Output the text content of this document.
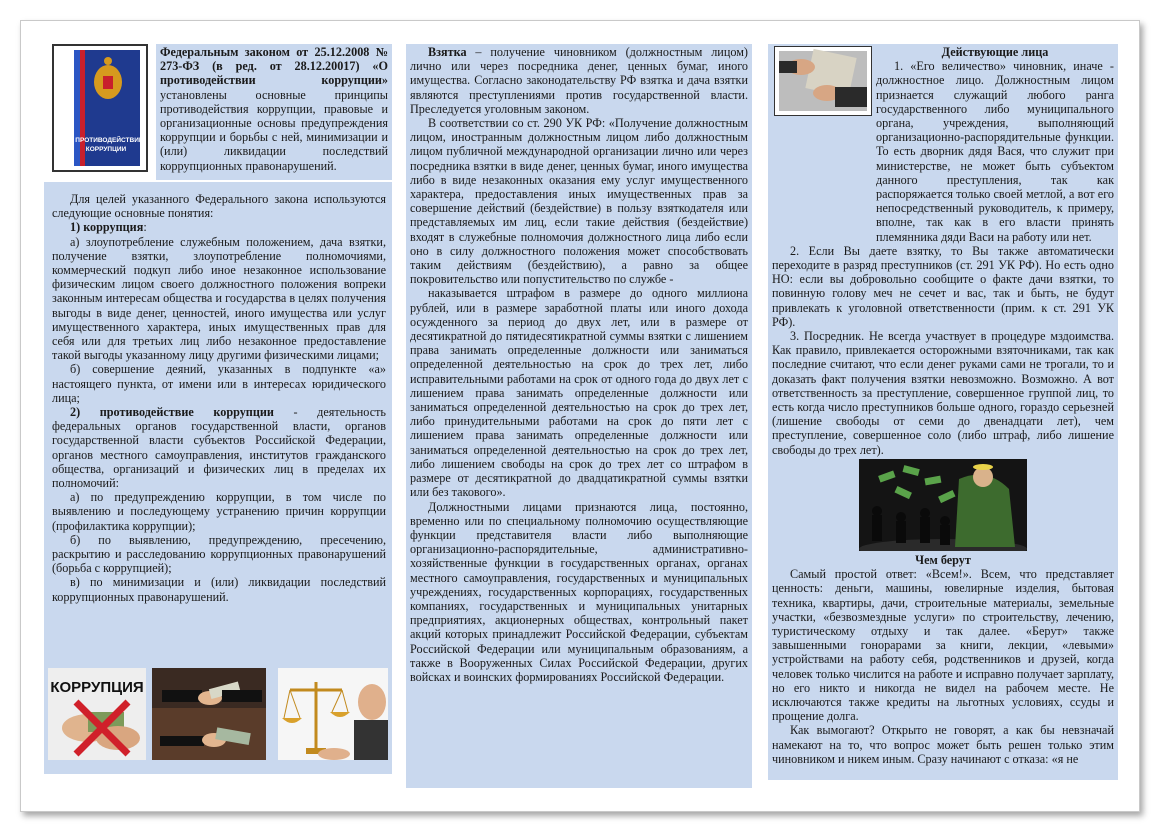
О ПРОТИВОДЕЙСТВИИ
КОРРУПЦИИ

Федеральным законом от 25.12.2008 № 273-ФЗ (в ред. от 28.12.20017) «О противодействии коррупции» установлены основные принципы противодействия коррупции, правовые и организационные основы предупреждения коррупции и борьбы с ней, минимизации и (или) ликвидации последствий коррупционных правонарушений.

Для целей указанного Федерального закона используются следующие основные понятия:

1) коррупция:

а) злоупотребление служебным положением, дача взятки, получение взятки, злоупотребление полномочиями, коммерческий подкуп либо иное незаконное использование физическим лицом своего должностного положения вопреки законным интересам общества и государства в целях получения выгоды в виде денег, ценностей, иного имущества или услуг имущественного характера, иных имущественных прав для себя или для третьих лиц либо незаконное предоставление такой выгоды указанному лицу другими физическими лицами;

б) совершение деяний, указанных в подпункте «а» настоящего пункта, от имени или в интересах юридического лица;

2) противодействие коррупции - деятельность федеральных органов государственной власти, органов государственной власти субъектов Российской Федерации, органов местного самоуправления, институтов гражданского общества, организаций и физических лиц в пределах их полномочий:

а) по предупреждению коррупции, в том числе по выявлению и последующему устранению причин коррупции (профилактика коррупции);

б) по выявлению, предупреждению, пресечению, раскрытию и расследованию коррупционных правонарушений (борьба с коррупцией);

в) по минимизации и (или) ликвидации последствий коррупционных правонарушений.

КОРРУПЦИЯ

Взятка – получение чиновником (должностным лицом) лично или через посредника денег, ценных бумаг, иного имущества. Согласно законодательству РФ взятка и дача взятки являются преступлениями против государственной власти. Преследуется уголовным законом.

В соответствии со ст. 290 УК РФ: «Получение должностным лицом, иностранным должностным лицом либо должностным лицом публичной международной организации лично или через посредника взятки в виде денег, ценных бумаг, иного имущества либо в виде незаконных оказания ему услуг имущественного характера, предоставления иных имущественных прав за совершение действий (бездействие) в пользу взяткодателя или представляемых им лиц, если такие действия (бездействие) входят в служебные полномочия должностного лица либо если оно в силу должностного положения может способствовать таким действиям (бездействию), а равно за общее покровительство или попустительство по службе -

наказывается штрафом в размере до одного миллиона рублей, или в размере заработной платы или иного дохода осужденного за период до двух лет, или в размере от десятикратной до пятидесятикратной суммы взятки с лишением права занимать определенные должности или заниматься определенной деятельностью на срок до трех лет, либо исправительными работами на срок от одного года до двух лет с лишением права занимать определенные должности или заниматься определенной деятельностью на срок до трех лет, либо принудительными работами на срок до пяти лет с лишением права занимать определенные должности или заниматься определенной деятельностью на срок до трех лет, либо лишением свободы на срок до трех лет со штрафом в размере от десятикратной до двадцатикратной суммы взятки или без такового».

Должностными лицами признаются лица, постоянно, временно или по специальному полномочию осуществляющие функции представителя власти либо выполняющие организационно-распорядительные, административно-хозяйственные функции в государственных органах, органах местного самоуправления, государственных и муниципальных учреждениях, государственных корпорациях, государственных компаниях, государственных и муниципальных унитарных предприятиях, акционерных обществах, контрольный пакет акций которых принадлежит Российской Федерации, субъектам Российской Федерации или муниципальным образованиям, а также в Вооруженных Силах Российской Федерации, других войсках и воинских формированиях Российской Федерации.

Действующие лица

1. «Его величество» чиновник, иначе - должностное лицо. Должностным лицом признается служащий любого ранга государственного либо муниципального органа, учреждения, выполняющий организационно-распорядительные функции. То есть дворник дядя Вася, что служит при министерстве, не может быть субъектом данного преступления, так как распоряжается только своей метлой, а вот его непосредственный руководитель, к примеру, вполне, так как в его власти принять племянника дяди Васи на работу или нет.

2. Если Вы даете взятку, то Вы также автоматически переходите в разряд преступников (ст. 291 УК РФ). Но есть одно НО: если вы добровольно сообщите о факте дачи взятки, то повинную голову меч не сечет и вас, так и быть, не будут привлекать к уголовной ответственности (прим. к ст. 291 УК РФ).

3. Посредник. Не всегда участвует в процедуре мздоимства. Как правило, привлекается осторожными взяточниками, так как последние считают, что если денег руками сами не трогали, то и доказать факт получения взятки невозможно. Возможно. А вот ответственность за преступление, совершенное группой лиц, то есть когда число преступников больше одного, гораздо серьезней (лишение свободы от семи до двенадцати лет), чем преступление, совершенное соло (либо штраф, либо лишение свободы до трех лет).

Чем берут

Самый простой ответ: «Всем!». Всем, что представляет ценность: деньги, машины, ювелирные изделия, бытовая техника, квартиры, дачи, строительные материалы, земельные участки, «безвозмездные услуги» по строительству, лечению, туристическому отдыху и так далее. «Берут» также завышенными гонорарами за книги, лекции, «левыми» устройствами на работу себя, родственников и друзей, когда человек только числится на работе и исправно получает зарплату, но его никто и никогда не видел на рабочем месте. Не исключаются также кредиты на льготных условиях, ссуды и прощение долга.

Как вымогают? Открыто не говорят, а как бы невзначай намекают на то, что вопрос может быть решен только этим чиновником и никем иным. Сразу начинают с отказа: «я не
